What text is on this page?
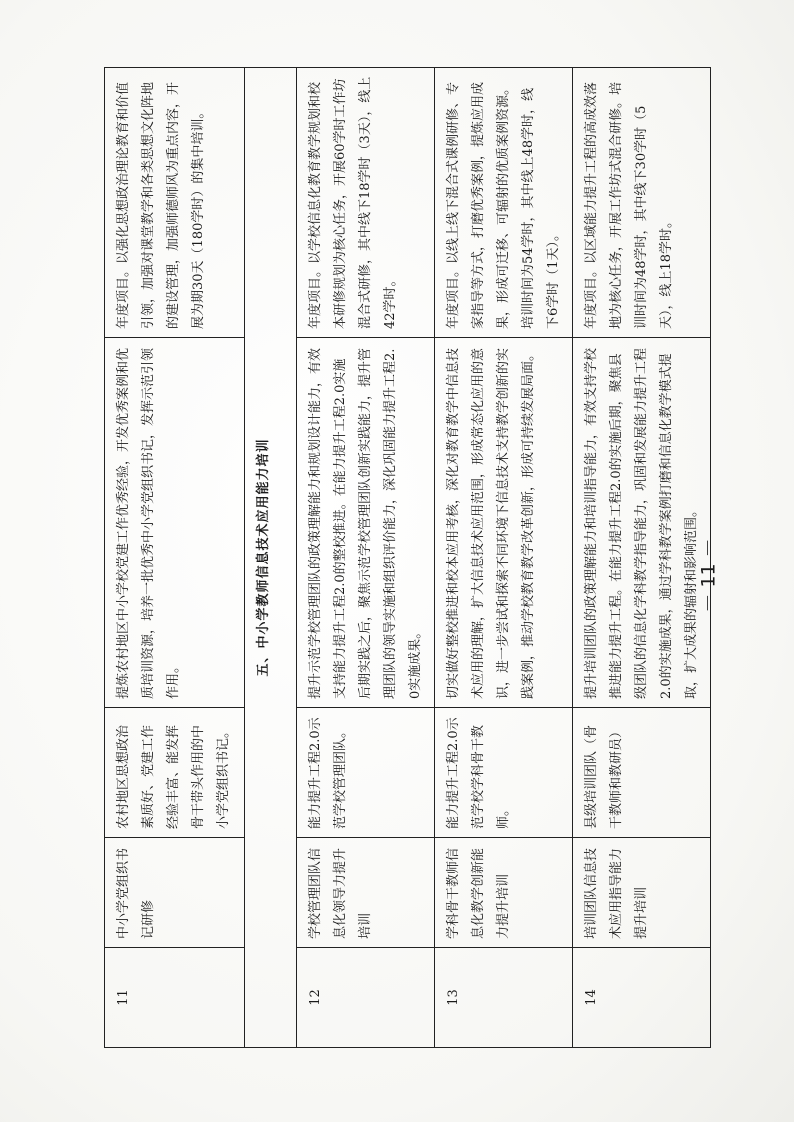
11	中小学党组织书记研修	农村地区思想政治素质好、党建工作经验丰富、能发挥骨干带头作用的中小学党组织书记。	提炼农村地区中小学校党建工作优秀经验，开发优秀案例和优质培训资源，培养一批优秀中小学党组织书记，发挥示范引领作用。	年度项目。以强化思想政治理论教育和价值引领，加强对课堂教学和各类思想文化阵地的建设管理，加强师德师风为重点内容，开展为期30天（180学时）的集中培训。
五、中小学教师信息技术应用能力培训				
12	学校管理团队信息化领导力提升培训	能力提升工程2.0示范学校管理团队。	提升示范学校管理团队的政策理解能力和规划设计能力，有效支持能力提升工程2.0的整校推进。在能力提升工程2.0实施后期实践之后，聚焦示范学校管理团队创新实践能力，提升管理团队的领导实施和组织评价能力，深化巩固能力提升工程2.0实施成果。	年度项目。以学校信息化教育教学规划和校本研修规划为核心任务，开展60学时工作坊混合式研修，其中线下18学时（3天），线上42学时。
13	学科骨干教师信息化教学创新能力提升培训	能力提升工程2.0示范学校学科骨干教师。	切实做好整校推进和校本应用考核，深化对教育教学中信息技术应用的理解，扩大信息技术应用范围，形成常态化应用的意识，进一步尝试和探索不同环境下信息技术支持教学创新的实践案例，推动学校教育教学改革创新，形成可持续发展局面。	年度项目。以线上线下混合式课例研修、专家指导等方式，打磨优秀案例，提炼应用成果，形成可迁移、可辐射的优质案例资源。培训时间为54学时，其中线上48学时，线下6学时（1天）。
14	培训团队信息技术应用指导能力提升培训	县级培训团队（骨干教师和教研员）	提升培训团队的政策理解能力和培训指导能力，有效支持学校推进能力提升工程。在能力提升工程2.0的实施后期，聚焦县级团队的信息化学科教学指导能力，巩固和发展能力提升工程2.0的实施成果，通过学科教学案例打磨和信息化教学模式提取，扩大成果的辐射和影响范围。	年度项目。以区域能力提升工程的高成效落地为核心任务，开展工作坊式混合研修。培训时间为48学时，其中线下30学时（5天），线上18学时。
－ 11 －
